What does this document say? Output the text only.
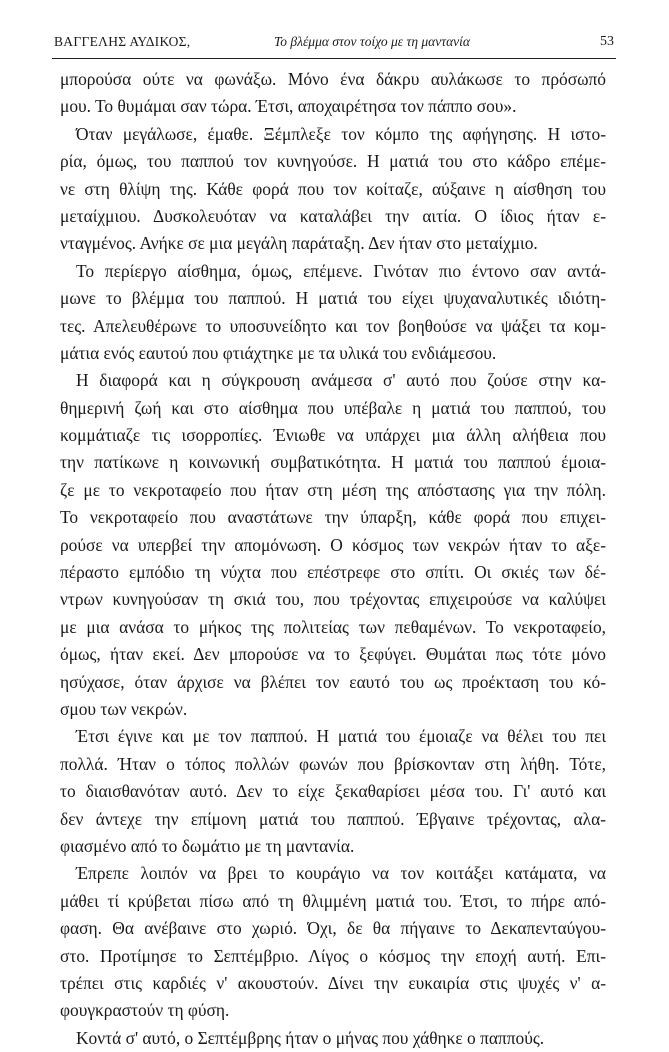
ΒΑΓΓΕΛΗΣ ΑΥΔΙΚΟΣ,	Το βλέμμα στον τοίχο με τη μαντανία	53
μπορούσα ούτε να φωνάξω. Μόνο ένα δάκρυ αυλάκωσε το πρόσωπό
μου. Το θυμάμαι σαν τώρα. Έτσι, αποχαιρέτησα τον πάππο σου».
Όταν μεγάλωσε, έμαθε. Ξέμπλεξε τον κόμπο της αφήγησης. Η ιστο-
ρία, όμως, του παππού τον κυνηγούσε. Η ματιά του στο κάδρο επέμε-
νε στη θλίψη της. Κάθε φορά που τον κοίταζε, αύξαινε η αίσθηση του
μεταίχμιου. Δυσκολευόταν να καταλάβει την αιτία. Ο ίδιος ήταν ε-
νταγμένος. Ανήκε σε μια μεγάλη παράταξη. Δεν ήταν στο μεταίχμιο.
Το περίεργο αίσθημα, όμως, επέμενε. Γινόταν πιο έντονο σαν αντά-
μωνε το βλέμμα του παππού. Η ματιά του είχει ψυχαναλυτικές ιδιότη-
τες. Απελευθέρωνε το υποσυνείδητο και τον βοηθούσε να ψάξει τα κομ-
μάτια ενός εαυτού που φτιάχτηκε με τα υλικά του ενδιάμεσου.
Η διαφορά και η σύγκρουση ανάμεσα σ' αυτό που ζούσε στην κα-
θημερινή ζωή και στο αίσθημα που υπέβαλε η ματιά του παππού, του
κομμάτιαζε τις ισορροπίες. Ένιωθε να υπάρχει μια άλλη αλήθεια που
την πατίκωνε η κοινωνική συμβατικότητα. Η ματιά του παππού έμοια-
ζε με το νεκροταφείο που ήταν στη μέση της απόστασης για την πόλη.
Το νεκροταφείο που αναστάτωνε την ύπαρξη, κάθε φορά που επιχει-
ρούσε να υπερβεί την απομόνωση. Ο κόσμος των νεκρών ήταν το αξε-
πέραστο εμπόδιο τη νύχτα που επέστρεφε στο σπίτι. Οι σκιές των δέ-
ντρων κυνηγούσαν τη σκιά του, που τρέχοντας επιχειρούσε να καλύψει
με μια ανάσα το μήκος της πολιτείας των πεθαμένων. Το νεκροταφείο,
όμως, ήταν εκεί. Δεν μπορούσε να το ξεφύγει. Θυμάται πως τότε μόνο
ησύχασε, όταν άρχισε να βλέπει τον εαυτό του ως προέκταση του κό-
σμου των νεκρών.
Έτσι έγινε και με τον παππού. Η ματιά του έμοιαζε να θέλει του πει
πολλά. Ήταν ο τόπος πολλών φωνών που βρίσκονταν στη λήθη. Τότε,
το διαισθανόταν αυτό. Δεν το είχε ξεκαθαρίσει μέσα του. Γι' αυτό και
δεν άντεχε την επίμονη ματιά του παππού. Έβγαινε τρέχοντας, αλα-
φιασμένο από το δωμάτιο με τη μαντανία.
Έπρεπε λοιπόν να βρει το κουράγιο να τον κοιτάξει κατάματα, να
μάθει τί κρύβεται πίσω από τη θλιμμένη ματιά του. Έτσι, το πήρε από-
φαση. Θα ανέβαινε στο χωριό. Όχι, δε θα πήγαινε το Δεκαπενταύγου-
στο. Προτίμησε το Σεπτέμβριο. Λίγος ο κόσμος την εποχή αυτή. Επι-
τρέπει στις καρδιές ν' ακουστούν. Δίνει την ευκαιρία στις ψυχές ν' α-
φουγκραστούν τη φύση.
Κοντά σ' αυτό, ο Σεπτέμβρης ήταν ο μήνας που χάθηκε ο παππούς.
